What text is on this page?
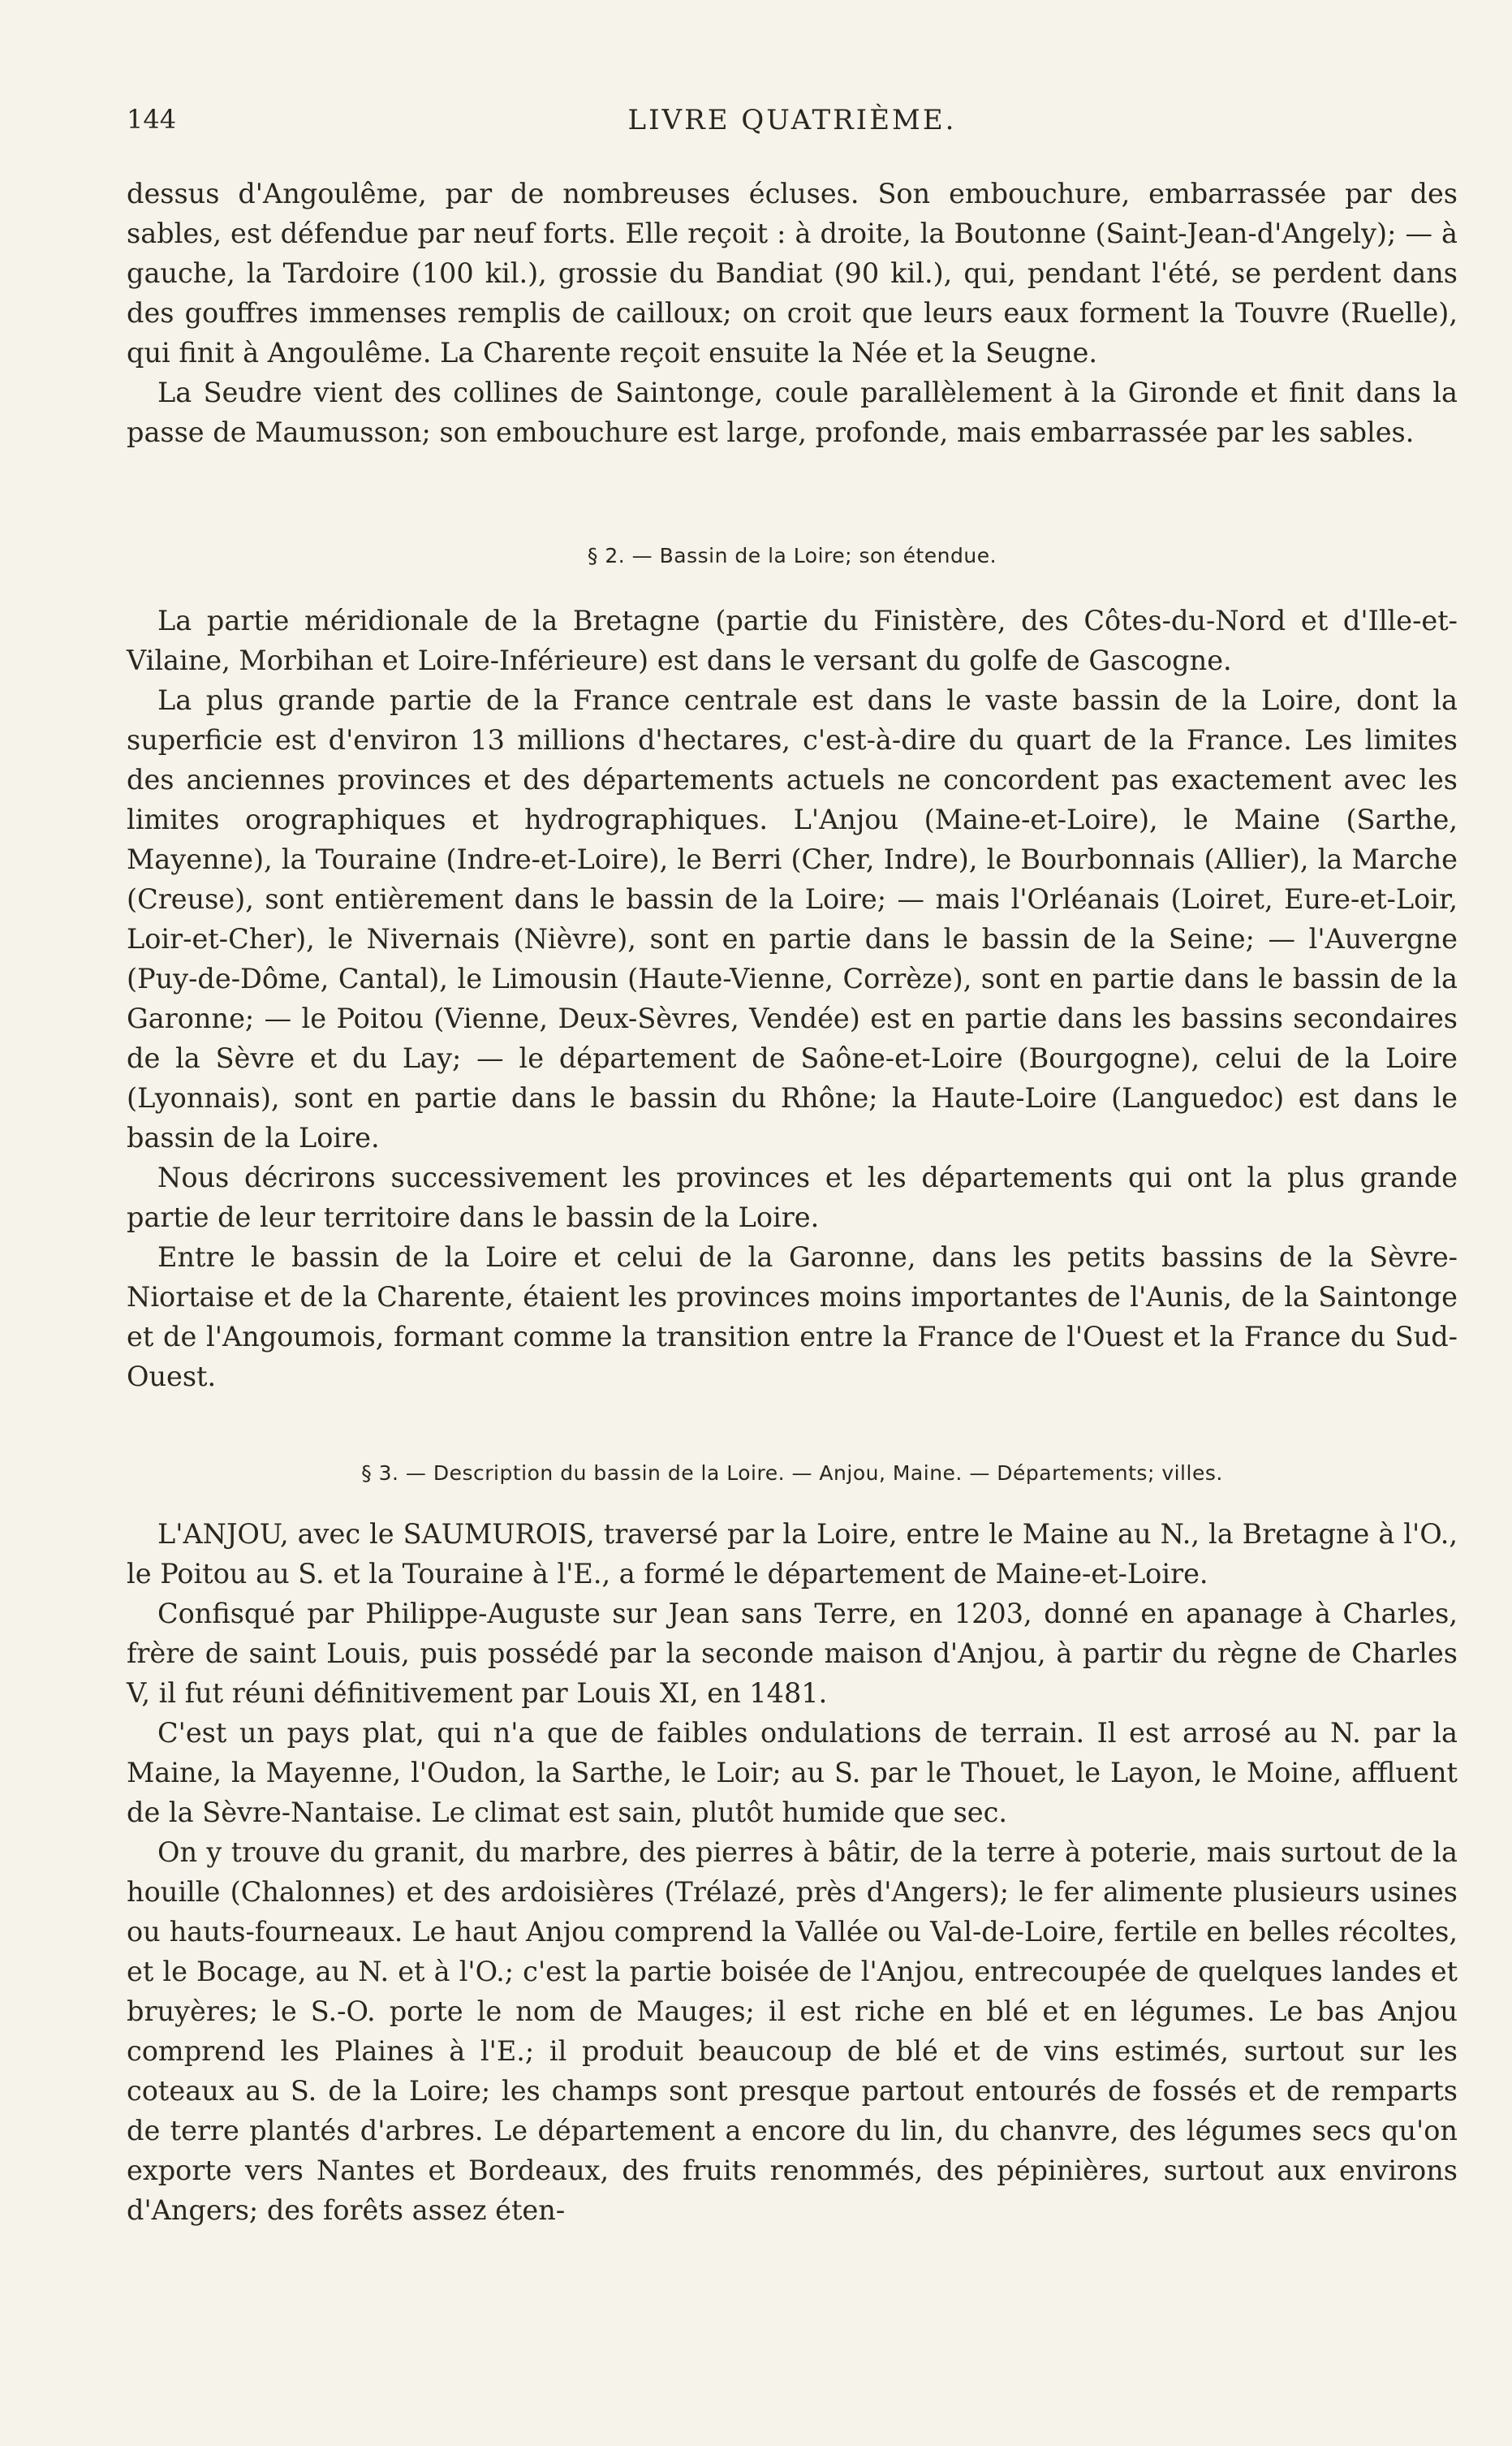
144	LIVRE QUATRIÈME.

dessus d'Angoulême, par de nombreuses écluses. Son embouchure, embarrassée par des sables, est défendue par neuf forts. Elle reçoit : à droite, la Boutonne (Saint-Jean-d'Angely); — à gauche, la Tardoire (100 kil.), grossie du Bandiat (90 kil.), qui, pendant l'été, se perdent dans des gouffres immenses remplis de cailloux; on croit que leurs eaux forment la Touvre (Ruelle), qui finit à Angoulême. La Charente reçoit ensuite la Née et la Seugne.

La Seudre vient des collines de Saintonge, coule parallèlement à la Gironde et finit dans la passe de Maumusson; son embouchure est large, profonde, mais embarrassée par les sables.

§ 2. — Bassin de la Loire; son étendue.

La partie méridionale de la Bretagne (partie du Finistère, des Côtes-du-Nord et d'Ille-et-Vilaine, Morbihan et Loire-Inférieure) est dans le versant du golfe de Gascogne.

La plus grande partie de la France centrale est dans le vaste bassin de la Loire, dont la superficie est d'environ 13 millions d'hectares, c'est-à-dire du quart de la France. Les limites des anciennes provinces et des départements actuels ne concordent pas exactement avec les limites orographiques et hydrographiques. L'Anjou (Maine-et-Loire), le Maine (Sarthe, Mayenne), la Touraine (Indre-et-Loire), le Berri (Cher, Indre), le Bourbonnais (Allier), la Marche (Creuse), sont entièrement dans le bassin de la Loire; — mais l'Orléanais (Loiret, Eure-et-Loir, Loir-et-Cher), le Nivernais (Nièvre), sont en partie dans le bassin de la Seine; — l'Auvergne (Puy-de-Dôme, Cantal), le Limousin (Haute-Vienne, Corrèze), sont en partie dans le bassin de la Garonne; — le Poitou (Vienne, Deux-Sèvres, Vendée) est en partie dans les bassins secondaires de la Sèvre et du Lay; — le département de Saône-et-Loire (Bourgogne), celui de la Loire (Lyonnais), sont en partie dans le bassin du Rhône; la Haute-Loire (Languedoc) est dans le bassin de la Loire.

Nous décrirons successivement les provinces et les départements qui ont la plus grande partie de leur territoire dans le bassin de la Loire.

Entre le bassin de la Loire et celui de la Garonne, dans les petits bassins de la Sèvre-Niortaise et de la Charente, étaient les provinces moins importantes de l'Aunis, de la Saintonge et de l'Angoumois, formant comme la transition entre la France de l'Ouest et la France du Sud-Ouest.

§ 3. — Description du bassin de la Loire. — Anjou, Maine. — Départements; villes.

L'ANJOU, avec le SAUMUROIS, traversé par la Loire, entre le Maine au N., la Bretagne à l'O., le Poitou au S. et la Touraine à l'E., a formé le département de Maine-et-Loire.

Confisqué par Philippe-Auguste sur Jean sans Terre, en 1203, donné en apanage à Charles, frère de saint Louis, puis possédé par la seconde maison d'Anjou, à partir du règne de Charles V, il fut réuni définitivement par Louis XI, en 1481.

C'est un pays plat, qui n'a que de faibles ondulations de terrain. Il est arrosé au N. par la Maine, la Mayenne, l'Oudon, la Sarthe, le Loir; au S. par le Thouet, le Layon, le Moine, affluent de la Sèvre-Nantaise. Le climat est sain, plutôt humide que sec.

On y trouve du granit, du marbre, des pierres à bâtir, de la terre à poterie, mais surtout de la houille (Chalonnes) et des ardoisières (Trélazé, près d'Angers); le fer alimente plusieurs usines ou hauts-fourneaux. Le haut Anjou comprend la Vallée ou Val-de-Loire, fertile en belles récoltes, et le Bocage, au N. et à l'O.; c'est la partie boisée de l'Anjou, entrecoupée de quelques landes et bruyères; le S.-O. porte le nom de Mauges; il est riche en blé et en légumes. Le bas Anjou comprend les Plaines à l'E.; il produit beaucoup de blé et de vins estimés, surtout sur les coteaux au S. de la Loire; les champs sont presque partout entourés de fossés et de remparts de terre plantés d'arbres. Le département a encore du lin, du chanvre, des légumes secs qu'on exporte vers Nantes et Bordeaux, des fruits renommés, des pépinières, surtout aux environs d'Angers; des forêts assez éten-
